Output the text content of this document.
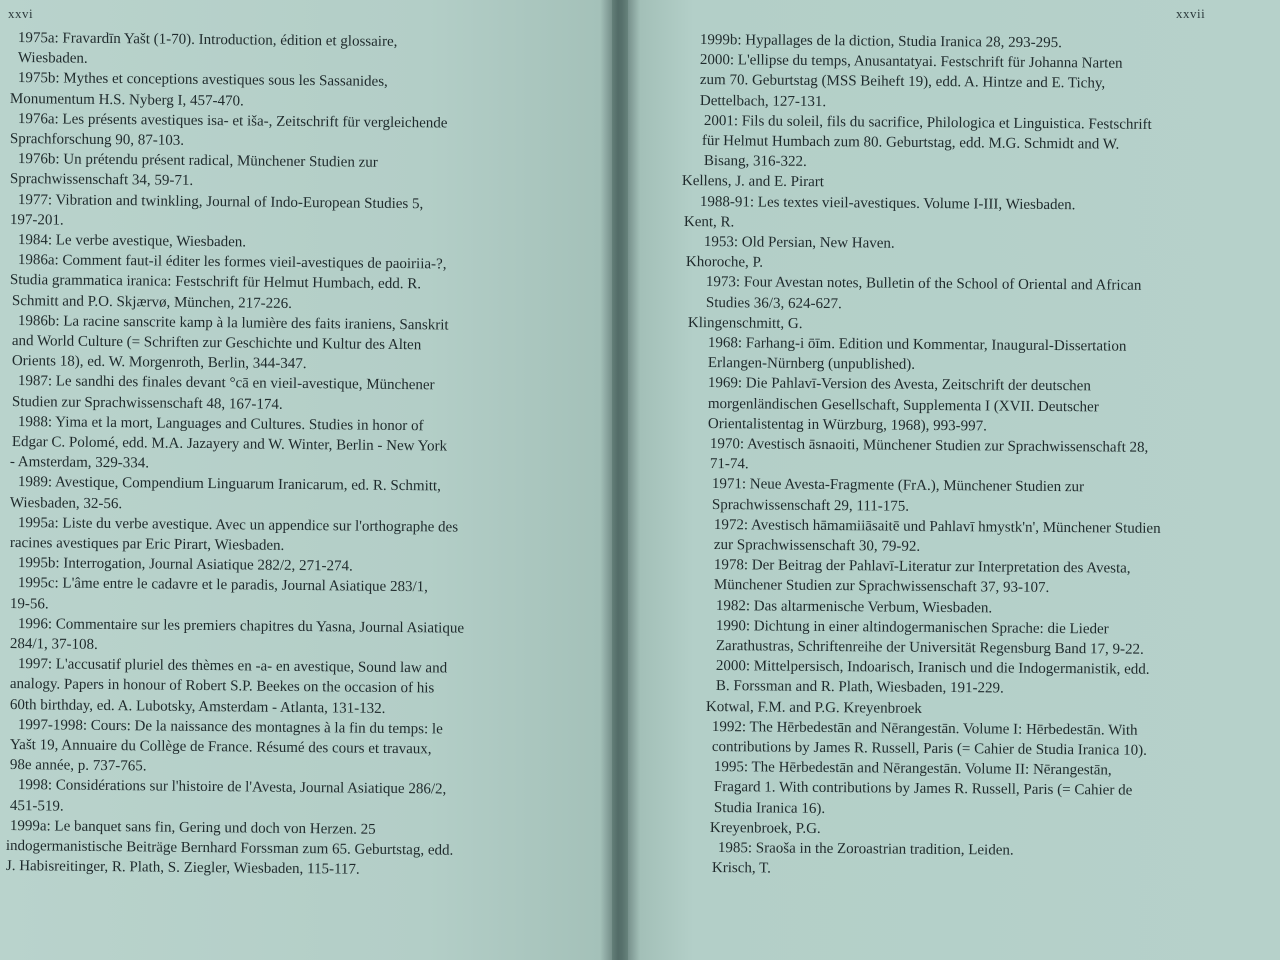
xxvi
1975a: Fravardīn Yašt (1-70). Introduction, édition et glossaire,
Wiesbaden.
1975b: Mythes et conceptions avestiques sous les Sassanides,
Monumentum H.S. Nyberg I, 457-470.
1976a: Les présents avestiques isa- et iša-, Zeitschrift für vergleichende
Sprachforschung 90, 87-103.
1976b: Un prétendu présent radical, Münchener Studien zur
Sprachwissenschaft 34, 59-71.
1977: Vibration and twinkling, Journal of Indo-European Studies 5,
197-201.
1984: Le verbe avestique, Wiesbaden.
1986a: Comment faut-il éditer les formes vieil-avestiques de paoiriia-?,
Studia grammatica iranica: Festschrift für Helmut Humbach, edd. R.
Schmitt and P.O. Skjærvø, München, 217-226.
1986b: La racine sanscrite kamp à la lumière des faits iraniens, Sanskrit
and World Culture (= Schriften zur Geschichte und Kultur des Alten
Orients 18), ed. W. Morgenroth, Berlin, 344-347.
1987: Le sandhi des finales devant °cā en vieil-avestique, Münchener
Studien zur Sprachwissenschaft 48, 167-174.
1988: Yima et la mort, Languages and Cultures. Studies in honor of
Edgar C. Polomé, edd. M.A. Jazayery and W. Winter, Berlin - New York
- Amsterdam, 329-334.
1989: Avestique, Compendium Linguarum Iranicarum, ed. R. Schmitt,
Wiesbaden, 32-56.
1995a: Liste du verbe avestique. Avec un appendice sur l'orthographe des
racines avestiques par Eric Pirart, Wiesbaden.
1995b: Interrogation, Journal Asiatique 282/2, 271-274.
1995c: L'âme entre le cadavre et le paradis, Journal Asiatique 283/1,
19-56.
1996: Commentaire sur les premiers chapitres du Yasna, Journal Asiatique
284/1, 37-108.
1997: L'accusatif pluriel des thèmes en -a- en avestique, Sound law and
analogy. Papers in honour of Robert S.P. Beekes on the occasion of his
60th birthday, ed. A. Lubotsky, Amsterdam - Atlanta, 131-132.
1997-1998: Cours: De la naissance des montagnes à la fin du temps: le
Yašt 19, Annuaire du Collège de France. Résumé des cours et travaux,
98e année, p. 737-765.
1998: Considérations sur l'histoire de l'Avesta, Journal Asiatique 286/2,
451-519.
1999a: Le banquet sans fin, Gering und doch von Herzen. 25
indogermanistische Beiträge Bernhard Forssman zum 65. Geburtstag, edd.
J. Habisreitinger, R. Plath, S. Ziegler, Wiesbaden, 115-117.
xxvii
1999b: Hypallages de la diction, Studia Iranica 28, 293-295.
2000: L'ellipse du temps, Anusantatyai. Festschrift für Johanna Narten
zum 70. Geburtstag (MSS Beiheft 19), edd. A. Hintze and E. Tichy,
Dettelbach, 127-131.
2001: Fils du soleil, fils du sacrifice, Philologica et Linguistica. Festschrift
für Helmut Humbach zum 80. Geburtstag, edd. M.G. Schmidt and W.
Bisang, 316-322.
Kellens, J. and E. Pirart
1988-91: Les textes vieil-avestiques. Volume I-III, Wiesbaden.
Kent, R.
1953: Old Persian, New Haven.
Khoroche, P.
1973: Four Avestan notes, Bulletin of the School of Oriental and African
Studies 36/3, 624-627.
Klingenschmitt, G.
1968: Farhang-i ōīm. Edition und Kommentar, Inaugural-Dissertation
Erlangen-Nürnberg (unpublished).
1969: Die Pahlavī-Version des Avesta, Zeitschrift der deutschen
morgenländischen Gesellschaft, Supplementa I (XVII. Deutscher
Orientalistentag in Würzburg, 1968), 993-997.
1970: Avestisch āsnaoiti, Münchener Studien zur Sprachwissenschaft 28,
71-74.
1971: Neue Avesta-Fragmente (FrA.), Münchener Studien zur
Sprachwissenschaft 29, 111-175.
1972: Avestisch hāmamiiāsaitē und Pahlavī hmystk'n', Münchener Studien
zur Sprachwissenschaft 30, 79-92.
1978: Der Beitrag der Pahlavī-Literatur zur Interpretation des Avesta,
Münchener Studien zur Sprachwissenschaft 37, 93-107.
1982: Das altarmenische Verbum, Wiesbaden.
1990: Dichtung in einer altindogermanischen Sprache: die Lieder
Zarathustras, Schriftenreihe der Universität Regensburg Band 17, 9-22.
2000: Mittelpersisch, Indoarisch, Iranisch und die Indogermanistik, edd.
B. Forssman and R. Plath, Wiesbaden, 191-229.
Kotwal, F.M. and P.G. Kreyenbroek
1992: The Hērbedestān and Nērangestān. Volume I: Hērbedestān. With
contributions by James R. Russell, Paris (= Cahier de Studia Iranica 10).
1995: The Hērbedestān and Nērangestān. Volume II: Nērangestān,
Fragard 1. With contributions by James R. Russell, Paris (= Cahier de
Studia Iranica 16).
Kreyenbroek, P.G.
1985: Sraoša in the Zoroastrian tradition, Leiden.
Krisch, T.
